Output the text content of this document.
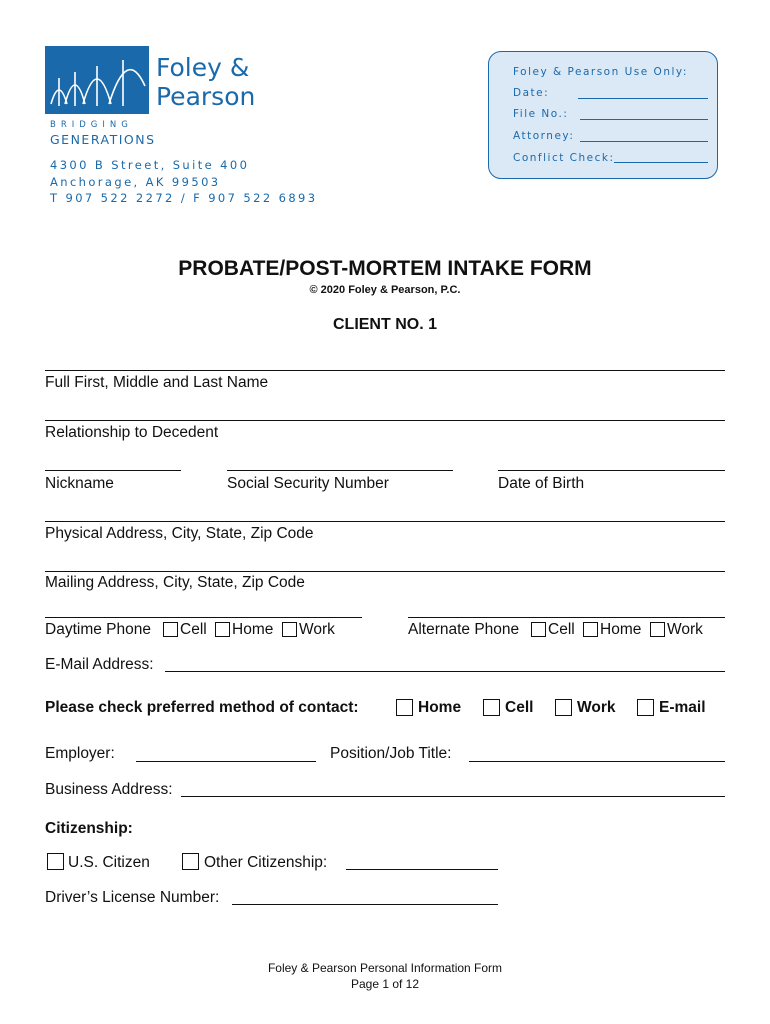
Foley &
Pearson
BRIDGING
GENERATIONS
4300 B Street, Suite 400
Anchorage, AK 99503
T 907 522 2272 / F 907 522 6893
Foley & Pearson Use Only:
Date:
File No.:
Attorney:
Conflict Check:
PROBATE/POST-MORTEM INTAKE FORM
© 2020 Foley & Pearson, P.C.
CLIENT NO. 1
Full First, Middle and Last Name
Relationship to Decedent
Nickname	Social Security Number	Date of Birth
Physical Address, City, State, Zip Code
Mailing Address, City, State, Zip Code
Daytime Phone Cell Home Work	Alternate Phone Cell Home Work
E-Mail Address:
Please check preferred method of contact:	Home	Cell	Work	E-mail
Employer:	Position/Job Title:
Business Address:
Citizenship:
U.S. Citizen	Other Citizenship:
Driver’s License Number:
Foley & Pearson Personal Information Form
Page 1 of 12
